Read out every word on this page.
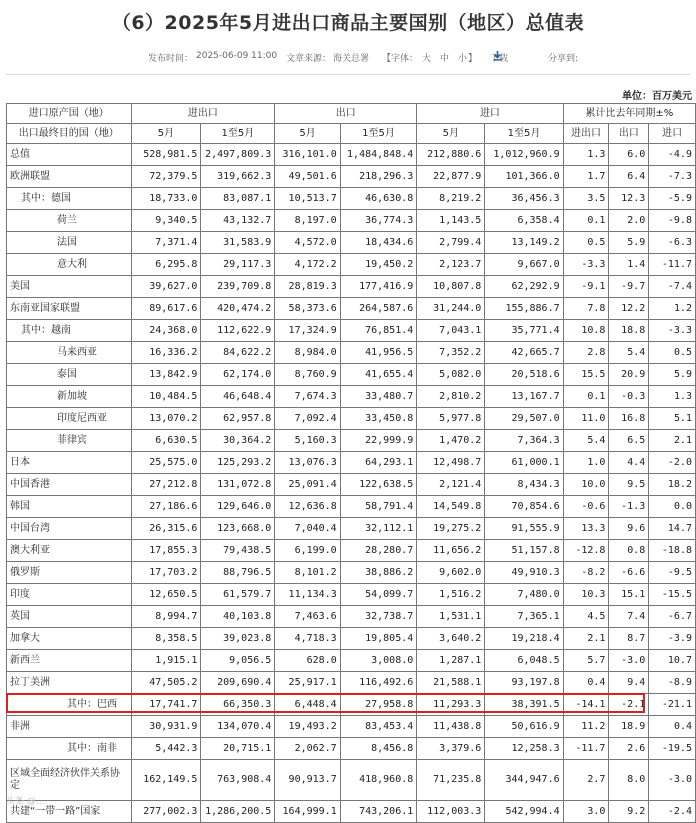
（6）2025年5月进出口商品主要国别（地区）总值表
发布时间： 2025-06-09 11:00 文章来源： 海关总署 【字体： 大 中 小 】 下载	分享到:
单位：百万美元
进口原产国（地）	进出口		出口		进口		累计比去年同期±%		
出口最终目的国（地）	5月	1至5月	5月	1至5月	5月	1至5月	进出口	出口	进口
总值	528,981.5	2,497,809.3	316,101.0	1,484,848.4	212,880.6	1,012,960.9	1.3	6.0	-4.9
欧洲联盟	72,379.5	319,662.3	49,501.6	218,296.3	22,877.9	101,366.0	1.7	6.4	-7.3
其中：德国	18,733.0	83,087.1	10,513.7	46,630.8	8,219.2	36,456.3	3.5	12.3	-5.9
荷兰	9,340.5	43,132.7	8,197.0	36,774.3	1,143.5	6,358.4	0.1	2.0	-9.8
法国	7,371.4	31,583.9	4,572.0	18,434.6	2,799.4	13,149.2	0.5	5.9	-6.3
意大利	6,295.8	29,117.3	4,172.2	19,450.2	2,123.7	9,667.0	-3.3	1.4	-11.7
美国	39,627.0	239,709.8	28,819.3	177,416.9	10,807.8	62,292.9	-9.1	-9.7	-7.4
东南亚国家联盟	89,617.6	420,474.2	58,373.6	264,587.6	31,244.0	155,886.7	7.8	12.2	1.2
其中：越南	24,368.0	112,622.9	17,324.9	76,851.4	7,043.1	35,771.4	10.8	18.8	-3.3
马来西亚	16,336.2	84,622.2	8,984.0	41,956.5	7,352.2	42,665.7	2.8	5.4	0.5
泰国	13,842.9	62,174.0	8,760.9	41,655.4	5,082.0	20,518.6	15.5	20.9	5.9
新加坡	10,484.5	46,648.4	7,674.3	33,480.7	2,810.2	13,167.7	0.1	-0.3	1.3
印度尼西亚	13,070.2	62,957.8	7,092.4	33,450.8	5,977.8	29,507.0	11.0	16.8	5.1
菲律宾	6,630.5	30,364.2	5,160.3	22,999.9	1,470.2	7,364.3	5.4	6.5	2.1
日本	25,575.0	125,293.2	13,076.3	64,293.1	12,498.7	61,000.1	1.0	4.4	-2.0
中国香港	27,212.8	131,072.8	25,091.4	122,638.5	2,121.4	8,434.3	10.0	9.5	18.2
韩国	27,186.6	129,646.0	12,636.8	58,791.4	14,549.8	70,854.6	-0.6	-1.3	0.0
中国台湾	26,315.6	123,668.0	7,040.4	32,112.1	19,275.2	91,555.9	13.3	9.6	14.7
澳大利亚	17,855.3	79,438.5	6,199.0	28,280.7	11,656.2	51,157.8	-12.8	0.8	-18.8
俄罗斯	17,703.2	88,796.5	8,101.2	38,886.2	9,602.0	49,910.3	-8.2	-6.6	-9.5
印度	12,650.5	61,579.7	11,134.3	54,099.7	1,516.2	7,480.0	10.3	15.1	-15.5
英国	8,994.7	40,103.8	7,463.6	32,738.7	1,531.1	7,365.1	4.5	7.4	-6.7
加拿大	8,358.5	39,023.8	4,718.3	19,805.4	3,640.2	19,218.4	2.1	8.7	-3.9
新西兰	1,915.1	9,056.5	628.0	3,008.0	1,287.1	6,048.5	5.7	-3.0	10.7
拉丁美洲	47,505.2	209,690.4	25,917.1	116,492.6	21,588.1	93,197.8	0.4	9.4	-8.9
其中：巴西	17,741.7	66,350.3	6,448.4	27,958.8	11,293.3	38,391.5	-14.1	-2.1	-21.1
非洲	30,931.9	134,070.4	19,493.2	83,453.4	11,438.8	50,616.9	11.2	18.9	0.4
其中：南非	5,442.3	20,715.1	2,062.7	8,456.8	3,379.6	12,258.3	-11.7	2.6	-19.5
区域全面经济伙伴关系协定	162,149.5	763,908.4	90,913.7	418,960.8	71,235.8	344,947.6	2.7	8.0	-3.0
共建“一带一路”国家	277,002.3	1,286,200.5	164,999.1	743,206.1	112,003.3	542,994.4	3.0	9.2	-2.4
头条 @...
